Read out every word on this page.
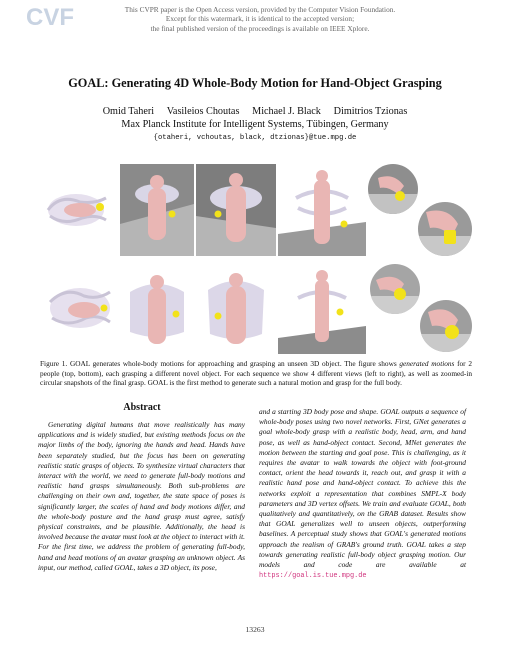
CVF	This CVPR paper is the Open Access version, provided by the Computer Vision Foundation.
Except for this watermark, it is identical to the accepted version;
the final published version of the proceedings is available on IEEE Xplore.
GOAL: Generating 4D Whole-Body Motion for Hand-Object Grasping
Omid Taheri     Vasileios Choutas     Michael J. Black     Dimitrios Tzionas
Max Planck Institute for Intelligent Systems, Tübingen, Germany
{otaheri, vchoutas, black, dtzionas}@tue.mpg.de
Figure 1. GOAL generates whole-body motions for approaching and grasping an unseen 3D object. The figure shows generated motions for 2 people (top, bottom), each grasping a different novel object. For each sequence we show 4 different views (left to right), as well as zoomed-in circular snapshots of the final grasp. GOAL is the first method to generate such a natural motion and grasp for the full body.
Abstract

Generating digital humans that move realistically has many applications and is widely studied, but existing methods focus on the major limbs of the body, ignoring the hands and head. Hands have been separately studied, but the focus has been on generating realistic static grasps of objects. To synthesize virtual characters that interact with the world, we need to generate full-body motions and realistic hand grasps simultaneously. Both sub-problems are challenging on their own and, together, the state space of poses is significantly larger, the scales of hand and body motions differ, and the whole-body posture and the hand grasp must agree, satisfy physical constraints, and be plausible. Additionally, the head is involved because the avatar must look at the object to interact with it. For the first time, we address the problem of generating full-body, hand and head motions of an avatar grasping an unknown object. As input, our method, called GOAL, takes a 3D object, its pose,

and a starting 3D body pose and shape. GOAL outputs a sequence of whole-body poses using two novel networks. First, GNet generates a goal whole-body grasp with a realistic body, head, arm, and hand pose, as well as hand-object contact. Second, MNet generates the motion between the starting and goal pose. This is challenging, as it requires the avatar to walk towards the object with foot-ground contact, orient the head towards it, reach out, and grasp it with a realistic hand pose and hand-object contact. To achieve this the networks exploit a representation that combines SMPL-X body parameters and 3D vertex offsets. We train and evaluate GOAL, both qualitatively and quantitatively, on the GRAB dataset. Results show that GOAL generalizes well to unseen objects, outperforming baselines. A perceptual study shows that GOAL's generated motions approach the realism of GRAB's ground truth. GOAL takes a step towards generating realistic full-body object grasping motion. Our models and code are available at https://goal.is.tue.mpg.de

13263
